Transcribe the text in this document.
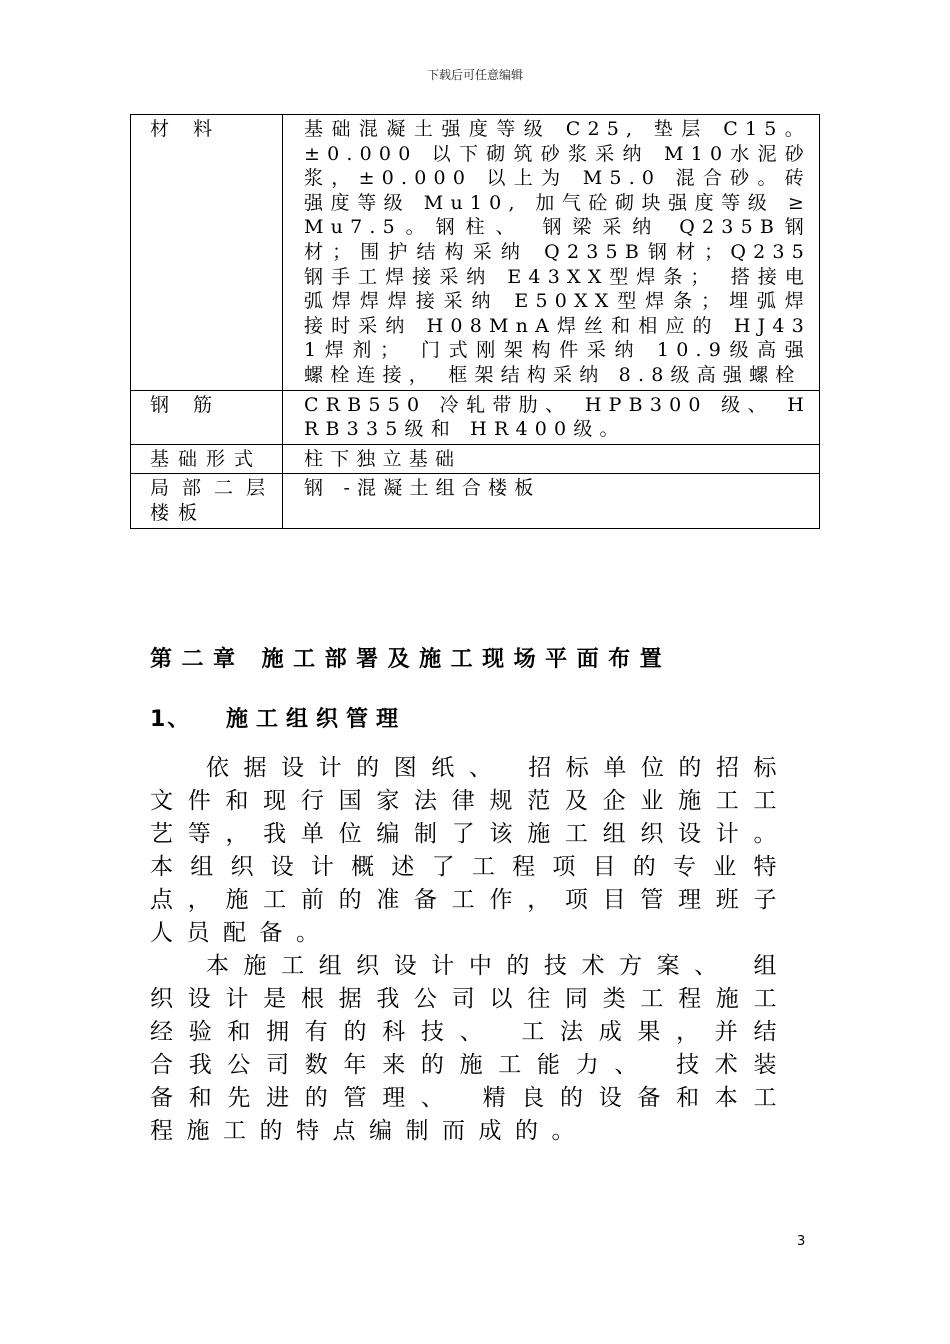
下载后可任意编辑
材 料	基础混凝土强度等级 C25, 垫层 C15。 ±0.000 以下砌筑砂浆采纳 M10水泥砂浆，±0.000 以上为 M5.0 混合砂。砖强度等级 Mu10, 加气砼砌块强度等级 ≥ Mu7.5。钢柱、 钢梁采纳 Q235B钢材；围护结构采纳 Q235B钢材；Q235 钢手工焊接采纳 E43XX型焊条； 搭接电弧焊焊焊接采纳 E50XX型焊条；埋弧焊接时采纳 H08MnA焊丝和相应的 HJ431焊剂； 门式刚架构件采纳 10.9级高强螺栓连接， 框架结构采纳 8.8级高强螺栓
钢 筋	CRB550 冷轧带肋、 HPB300 级、 HRB335级和 HR400级。
基础形式	柱下独立基础
局部二层楼板	钢 -混凝土组合楼板
第二章 施工部署及施工现场平面布置
1、 施工组织管理

依据设计的图纸、 招标单位的招标文件和现行国家法律规范及企业施工工艺等，我单位编制了该施工组织设计。本组织设计概述了工程项目的专业特点，施工前的准备工作，项目管理班子人员配备。

本施工组织设计中的技术方案、 组织设计是根据我公司以往同类工程施工经验和拥有的科技、 工法成果，并结合我公司数年来的施工能力、 技术装备和先进的管理、 精良的设备和本工程施工的特点编制而成的。

3
